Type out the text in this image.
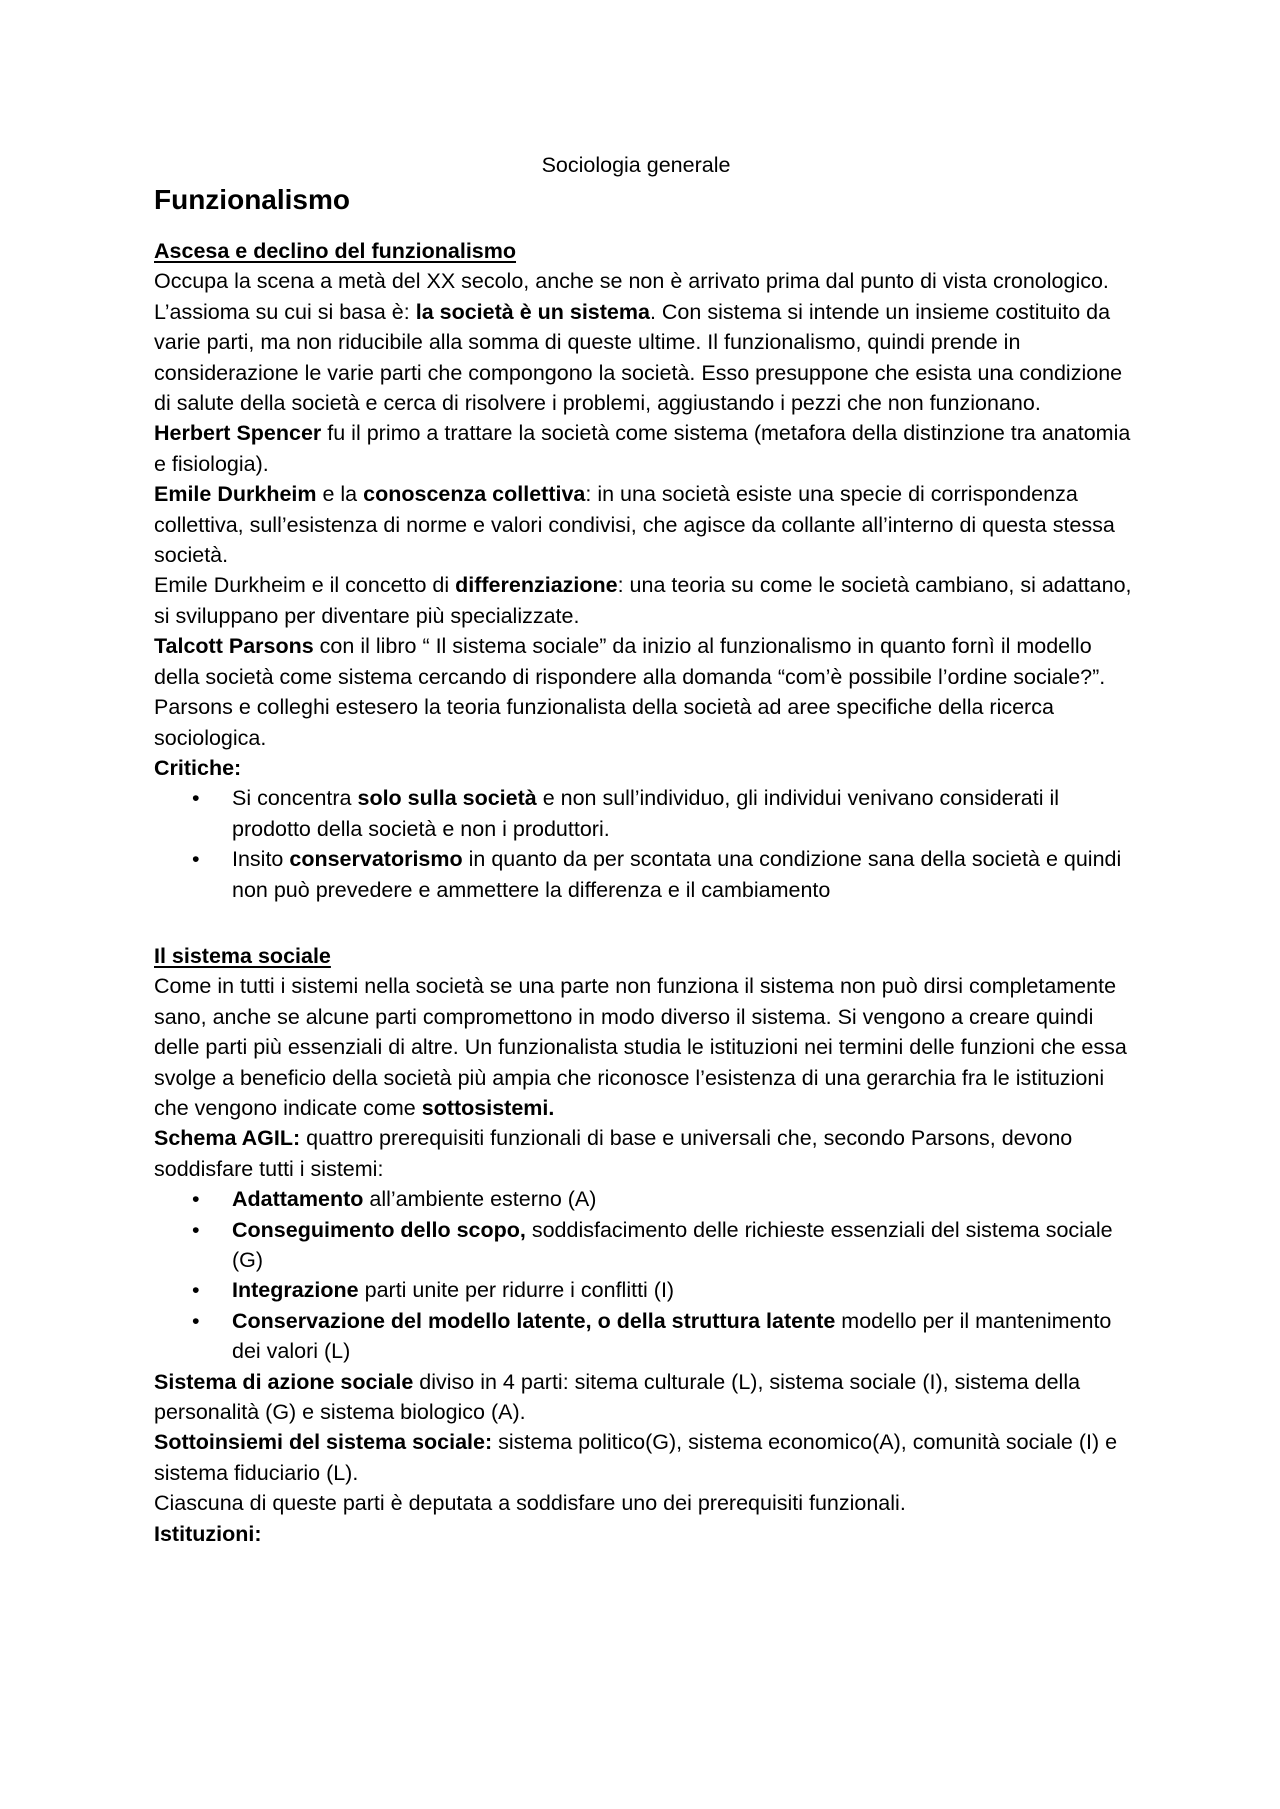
Sociologia generale
Funzionalismo
Ascesa e declino del funzionalismo

Occupa la scena a metà del XX secolo, anche se non è arrivato prima dal punto di vista cronologico. L’assioma su cui si basa è: la società è un sistema. Con sistema si intende un insieme costituito da varie parti, ma non riducibile alla somma di queste ultime. Il funzionalismo, quindi prende in considerazione le varie parti che compongono la società. Esso presuppone che esista una condizione di salute della società e cerca di risolvere i problemi, aggiustando i pezzi che non funzionano.

Herbert Spencer fu il primo a trattare la società come sistema (metafora della distinzione tra anatomia e fisiologia).

Emile Durkheim e la conoscenza collettiva: in una società esiste una specie di corrispondenza collettiva, sull’esistenza di norme e valori condivisi, che agisce da collante all’interno di questa stessa società.

Emile Durkheim e il concetto di differenziazione: una teoria su come le società cambiano, si adattano, si sviluppano per diventare più specializzate.

Talcott Parsons con il libro “ Il sistema sociale” da inizio al funzionalismo in quanto fornì il modello della società come sistema cercando di rispondere alla domanda “com’è possibile l’ordine sociale?”. Parsons e colleghi estesero la teoria funzionalista della società ad aree specifiche della ricerca sociologica.

Critiche:

• Si concentra solo sulla società e non sull’individuo, gli individui venivano considerati il prodotto della società e non i produttori.
• Insito conservatorismo in quanto da per scontata una condizione sana della società e quindi non può prevedere e ammettere la differenza e il cambiamento
Il sistema sociale

Come in tutti i sistemi nella società se una parte non funziona il sistema non può dirsi completamente sano, anche se alcune parti compromettono in modo diverso il sistema. Si vengono a creare quindi delle parti più essenziali di altre. Un funzionalista studia le istituzioni nei termini delle funzioni che essa svolge a beneficio della società più ampia che riconosce l’esistenza di una gerarchia fra le istituzioni che vengono indicate come sottosistemi.

Schema AGIL: quattro prerequisiti funzionali di base e universali che, secondo Parsons, devono soddisfare tutti i sistemi:

• Adattamento all’ambiente esterno (A)
• Conseguimento dello scopo, soddisfacimento delle richieste essenziali del sistema sociale (G)
• Integrazione parti unite per ridurre i conflitti (I)
• Conservazione del modello latente, o della struttura latente modello per il mantenimento dei valori (L)

Sistema di azione sociale diviso in 4 parti: sitema culturale (L), sistema sociale (I), sistema della personalità (G) e sistema biologico (A).

Sottoinsiemi del sistema sociale: sistema politico(G), sistema economico(A), comunità sociale (I) e sistema fiduciario (L).

Ciascuna di queste parti è deputata a soddisfare uno dei prerequisiti funzionali.

Istituzioni:
